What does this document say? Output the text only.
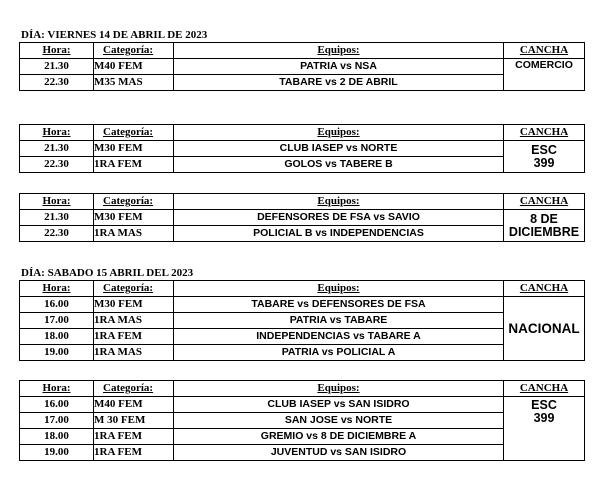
DÍA: VIERNES 14 DE ABRIL DE 2023
Hora:	Categoría:	Equipos:	CANCHA
21.30	M40 FEM	PATRIA vs NSA	COMERCIO
22.30	M35 MAS	TABARE vs 2 DE ABRIL	
Hora:	Categoría:	Equipos:	CANCHA
21.30	M30 FEM	CLUB IASEP vs NORTE	ESC 399
22.30	1RA FEM	GOLOS vs TABERE B	
Hora:	Categoría:	Equipos:	CANCHA
21.30	M30 FEM	DEFENSORES DE FSA vs SAVIO	8 DE DICIEMBRE
22.30	1RA MAS	POLICIAL B vs INDEPENDENCIAS	
DÍA: SABADO 15 ABRIL DEL 2023
Hora:	Categoría:	Equipos:	CANCHA
16.00	M30 FEM	TABARE vs DEFENSORES DE FSA	NACIONAL
17.00	1RA MAS	PATRIA vs TABARE	
18.00	1RA FEM	INDEPENDENCIAS vs TABARE A	
19.00	1RA MAS	PATRIA vs POLICIAL A	
Hora:	Categoría:	Equipos:	CANCHA
16.00	M40 FEM	CLUB IASEP vs SAN ISIDRO	ESC 399
17.00	M 30 FEM	SAN JOSE vs NORTE	
18.00	1RA FEM	GREMIO vs 8 DE DICIEMBRE A	
19.00	1RA FEM	JUVENTUD vs SAN ISIDRO	
